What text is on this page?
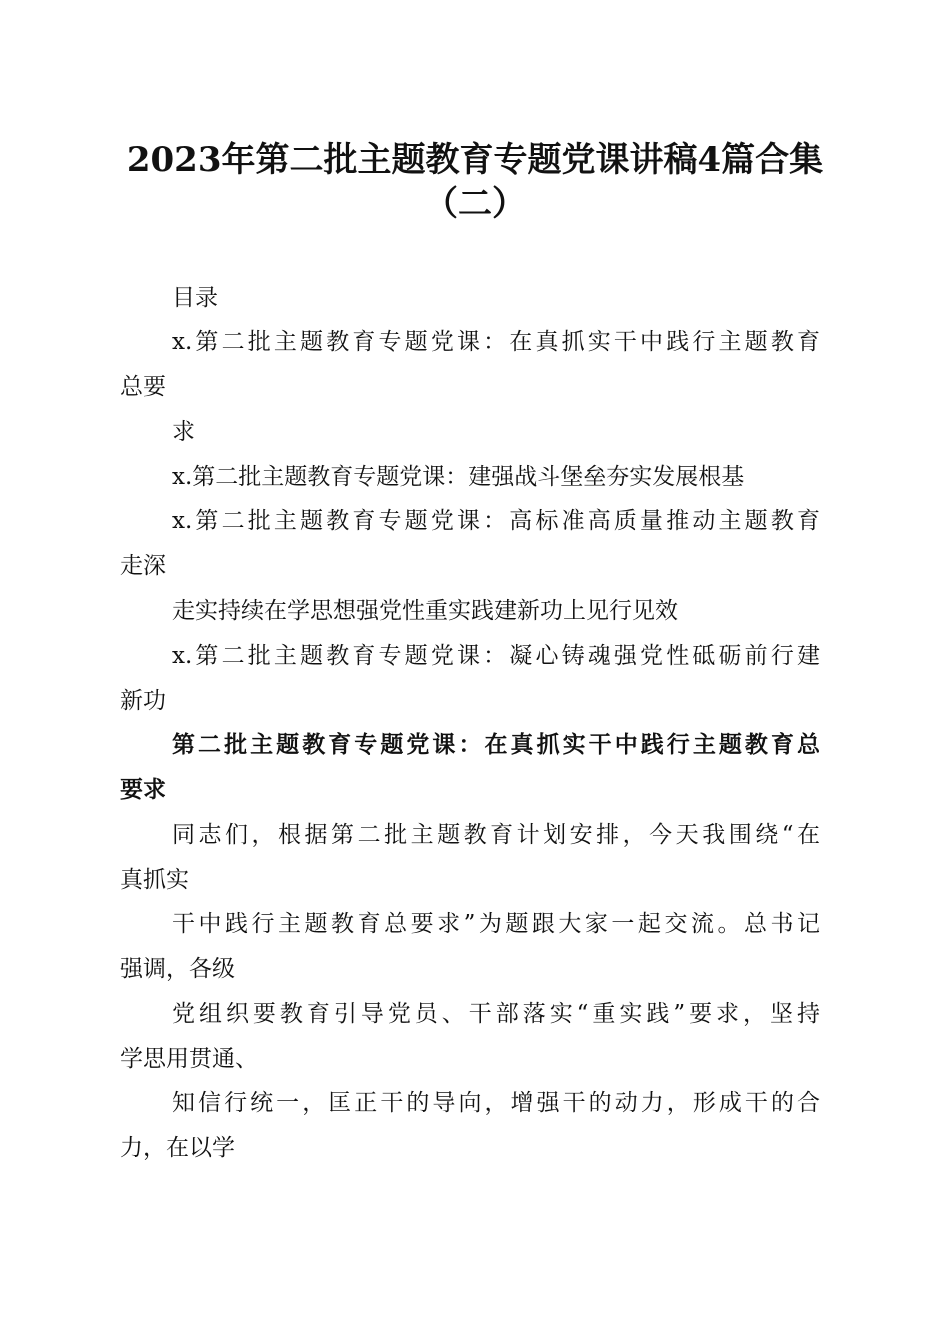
2023年第二批主题教育专题党课讲稿4篇合集
（二）
目录
x.第二批主题教育专题党课：在真抓实干中践行主题教育
总要
求
x.第二批主题教育专题党课：建强战斗堡垒夯实发展根基
x.第二批主题教育专题党课：高标准高质量推动主题教育
走深
走实持续在学思想强党性重实践建新功上见行见效
x.第二批主题教育专题党课：凝心铸魂强党性砥砺前行建
新功
第二批主题教育专题党课：在真抓实干中践行主题教育总
要求
同志们，根据第二批主题教育计划安排，今天我围绕“在
真抓实
干中践行主题教育总要求”为题跟大家一起交流。总书记
强调，各级
党组织要教育引导党员、干部落实“重实践”要求，坚持
学思用贯通、
知信行统一，匡正干的导向，增强干的动力，形成干的合
力，在以学
